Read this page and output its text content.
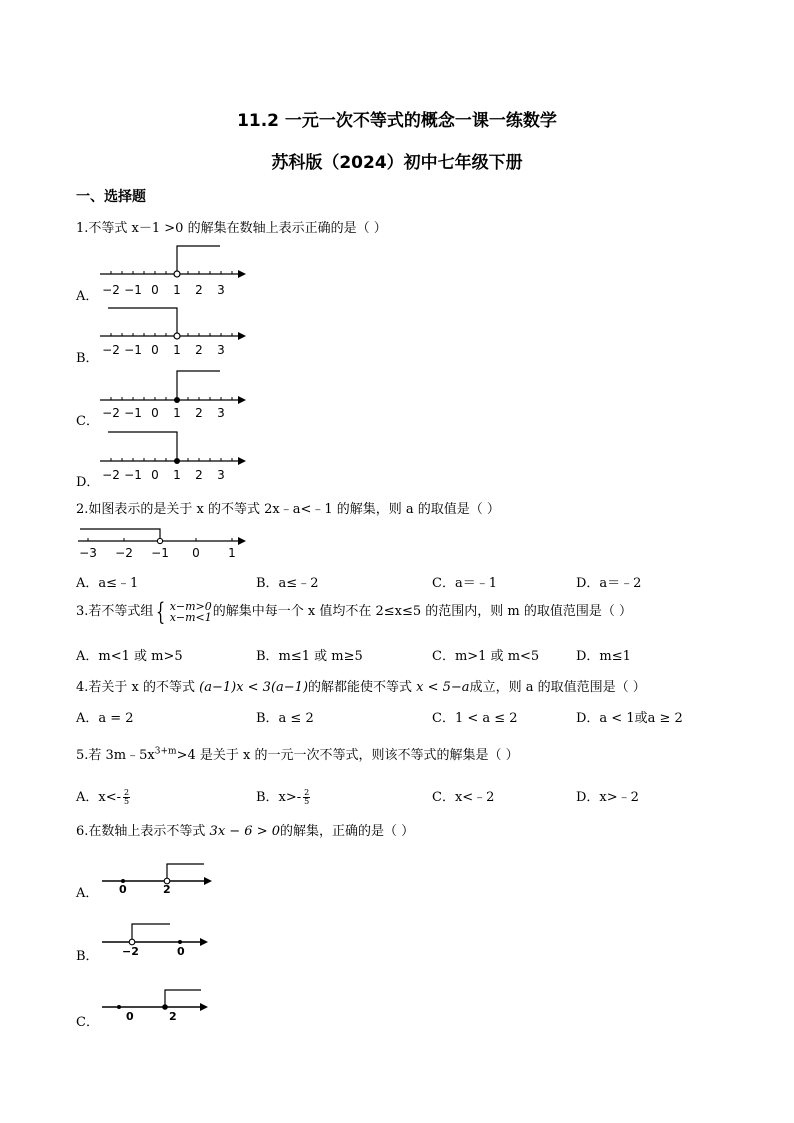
11.2 一元一次不等式的概念一课一练数学
苏科版（2024）初中七年级下册
一、选择题
1.不等式 x－1 >0 的解集在数轴上表示正确的是（ ）
A． −2 −1 0 1 2 3
B．
−2 −1 0 1 2 3
C．
−2 −1 0 1 2 3
D． −2 −1 0 1 2 3
2.如图表示的是关于 x 的不等式 2x﹣a<﹣1 的解集，则 a 的取值是（ ）
−3 −2 −1 0 1
A．a≤﹣1	B．a≤﹣2	C．a＝﹣1	D．a＝﹣2
3.若不等式组 { x−m>0
x−m<1 的解集中每一个 x 值均不在 2≤x≤5 的范围内，则 m 的取值范围是（ ）
A．m<1 或 m>5	B．m≤1 或 m≥5	C．m>1 或 m<5	D．m≤1
4.若关于 x 的不等式 (a−1)x < 3(a−1)的解都能使不等式 x < 5−a成立，则 a 的取值范围是（ ）
A．a = 2	B．a ≤ 2	C．1 < a ≤ 2	D．a < 1或a ≥ 2
5.若 $3m﹣5x^{3+m}>4$ 是关于 x 的一元一次不等式，则该不等式的解集是（ ）
A．$x<- \frac{2}{5}$	B．$x>- \frac{2}{5}$	C．x<﹣2	D．x>﹣2
6.在数轴上表示不等式 3x − 6 > 0的解集，正确的是（ ）
A． 0	2
B． −2	0
C． 0	2
